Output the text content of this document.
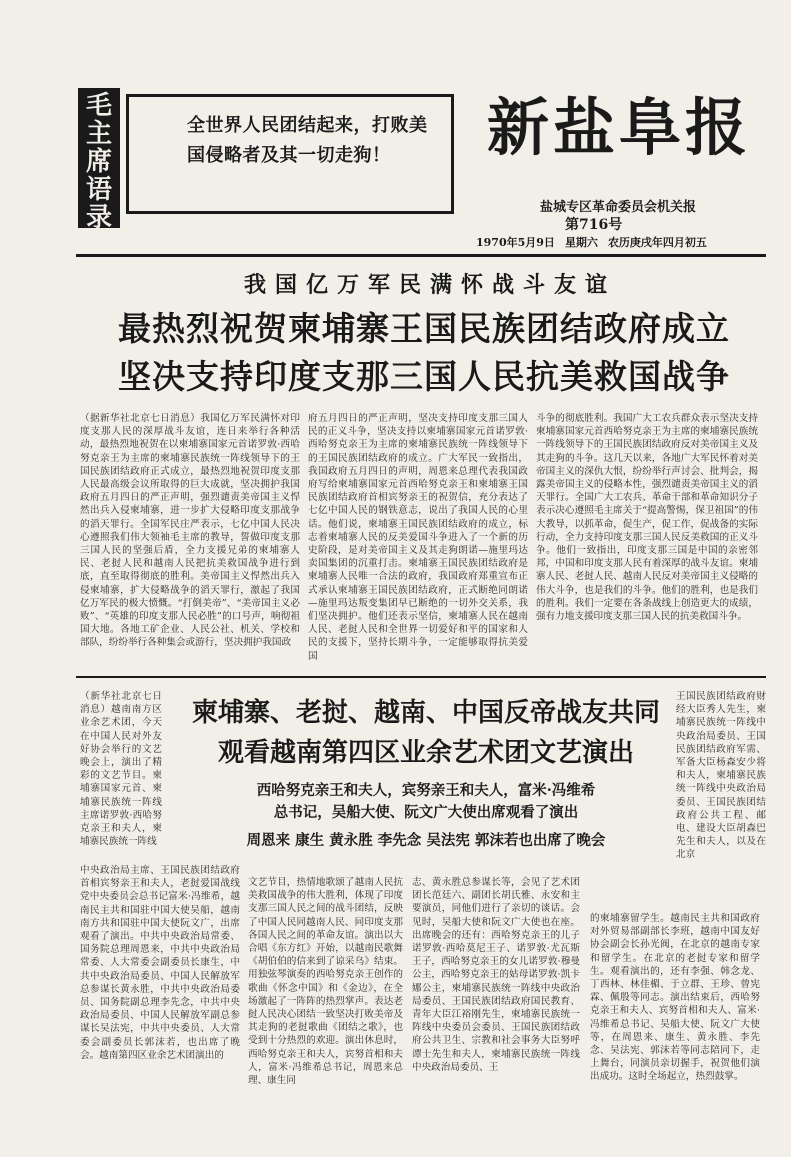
毛
主
席
语
录
全世界人民团结起来，打败美国侵略者及其一切走狗！	新盐阜报
盐城专区革命委员会机关报
第716号
1970年5月9日 星期六 农历庚戌年四月初五
我国亿万军民满怀战斗友谊
最热烈祝贺柬埔寨王国民族团结政府成立
坚决支持印度支那三国人民抗美救国战争
（据新华社北京七日消息）我国亿万军民满怀对印度支那人民的深厚战斗友谊，连日来举行各种活动，最热烈地祝贺在以柬埔寨国家元首诺罗敦·西哈努克亲王为主席的柬埔寨民族统一阵线领导下的王国民族团结政府正式成立，最热烈地祝贺印度支那人民最高级会议所取得的巨大成就，坚决拥护我国政府五月四日的严正声明，强烈谴责美帝国主义悍然出兵入侵柬埔寨，进一步扩大侵略印度支那战争的滔天罪行。全国军民庄严表示，七亿中国人民决心遵照我们伟大领袖毛主席的教导，誓做印度支那三国人民的坚强后盾，全力支援兄弟的柬埔寨人民、老挝人民和越南人民把抗美救国战争进行到底，直至取得彻底的胜利。美帝国主义悍然出兵入侵柬埔寨，扩大侵略战争的滔天罪行，激起了我国亿万军民的极大愤慨。“打倒美帝”、“美帝国主义必败”、“英雄的印度支那人民必胜”的口号声，响彻祖国大地。各地工矿企业、人民公社、机关、学校和部队，纷纷举行各种集会或游行，坚决拥护我国政
府五月四日的严正声明，坚决支持印度支那三国人民的正义斗争，坚决支持以柬埔寨国家元首诺罗敦·西哈努克亲王为主席的柬埔寨民族统一阵线领导下的王国民族团结政府的成立。广大军民一致指出，我国政府五月四日的声明，周恩来总理代表我国政府写给柬埔寨国家元首西哈努克亲王和柬埔寨王国民族团结政府首相宾努亲王的祝贺信，充分表达了七亿中国人民的钢铁意志，说出了我国人民的心里话。他们说，柬埔寨王国民族团结政府的成立，标志着柬埔寨人民的反美爱国斗争进入了一个新的历史阶段，是对美帝国主义及其走狗朗诺—施里玛达卖国集团的沉重打击。柬埔寨王国民族团结政府是柬埔寨人民唯一合法的政府，我国政府郑重宣布正式承认柬埔寨王国民族团结政府，正式断绝同朗诺—施里玛达叛变集团早已断绝的一切外交关系，我们坚决拥护。他们还表示坚信，柬埔寨人民在越南人民、老挝人民和全世界一切爱好和平的国家和人民的支援下，坚持长期斗争，一定能够取得抗美爱国
斗争的彻底胜利。我国广大工农兵群众表示坚决支持柬埔寨国家元首西哈努克亲王为主席的柬埔寨民族统一阵线领导下的王国民族团结政府反对美帝国主义及其走狗的斗争。这几天以来，各地广大军民怀着对美帝国主义的深仇大恨，纷纷举行声讨会、批判会，揭露美帝国主义的侵略本性，强烈谴责美帝国主义的滔天罪行。全国广大工农兵、革命干部和革命知识分子表示决心遵照毛主席关于“提高警惕，保卫祖国”的伟大教导，以抓革命，促生产，促工作，促战备的实际行动，全力支持印度支那三国人民反美救国的正义斗争。他们一致指出，印度支那三国是中国的亲密邻邦，中国和印度支那人民有着深厚的战斗友谊。柬埔寨人民、老挝人民、越南人民反对美帝国主义侵略的伟大斗争，也是我们的斗争。他们的胜利，也是我们的胜利。我们一定要在各条战线上创造更大的成绩，强有力地支援印度支那三国人民的抗美救国斗争。
（新华社北京七日消息）越南南方区业余艺术团，今天在中国人民对外友好协会举行的文艺晚会上，演出了精彩的文艺节目。柬埔寨国家元首、柬埔寨民族统一阵线主席诺罗敦·西哈努克亲王和夫人，柬埔寨民族统一阵线
王国民族团结政府财经大臣秀人先生，柬埔寨民族统一阵线中央政治局委员、王国民族团结政府军需、军备大臣杨森安少将和夫人，柬埔寨民族统一阵线中央政治局委员、王国民族团结政府公共工程、邮电、建设大臣胡森巴先生和夫人，以及在北京
柬埔寨、老挝、越南、中国反帝战友共同
观看越南第四区业余艺术团文艺演出
西哈努克亲王和夫人，宾努亲王和夫人，富米·冯维希
总书记，吴船大使、阮文广大使出席观看了演出
周恩来 康生 黄永胜 李先念 吴法宪 郭沫若也出席了晚会
中央政治局主席、王国民族团结政府首相宾努亲王和夫人，老挝爱国战线党中央委员会总书记富米·冯维希，越南民主共和国驻中国大使吴船，越南南方共和国驻中国大使阮文广，出席观看了演出。中共中央政治局常委、国务院总理周恩来，中共中央政治局常委、人大常委会副委员长康生，中共中央政治局委员、中国人民解放军总参谋长黄永胜，中共中央政治局委员、国务院副总理李先念，中共中央政治局委员、中国人民解放军副总参谋长吴法宪，中共中央委员、人大常委会副委员长郭沫若，也出席了晚会。越南第四区业余艺术团演出的
文艺节目，热情地歌颂了越南人民抗美救国战争的伟大胜利，体现了印度支那三国人民之间的战斗团结，反映了中国人民同越南人民、同印度支那各国人民之间的革命友谊。演出以大合唱《东方红》开始，以越南民歌舞《胡伯伯的信来到了谅采乌》结束。用独弦琴演奏的西哈努克亲王创作的歌曲《怀念中国》和《金边》，在全场激起了一阵阵的热烈掌声。表达老挝人民决心团结一致坚决打败美帝及其走狗的老挝歌曲《团结之歌》，也受到十分热烈的欢迎。演出休息时，西哈努克亲王和夫人，宾努首相和夫人，富米·冯维希总书记，周恩来总理、康生同
志、黄永胜总参谋长等，会见了艺术团团长范廷六、副团长胡氏雅、永安和主要演员，同他们进行了亲切的谈话。会见时，吴船大使和阮文广大使也在座。出席晚会的还有：西哈努克亲王的儿子诺罗敦·西哈莫尼王子、诺罗敦·尤瓦斯王子，西哈努克亲王的女儿诺罗敦·穆曼公主，西哈努克亲王的姑母诺罗敦·凯卡娜公主，柬埔寨民族统一阵线中央政治局委员、王国民族团结政府国民教育、青年大臣江裕刚先生，柬埔寨民族统一阵线中央委员会委员、王国民族团结政府公共卫生、宗教和社会事务大臣努呼谭士先生和夫人，柬埔寨民族统一阵线中央政治局委员、王
的柬埔寨留学生。越南民主共和国政府对外贸易部副部长李班，越南中国友好协会副会长孙光阀，在北京的越南专家和留学生。在北京的老挝专家和留学生。观看演出的，还有李强、韩念龙、丁西林、林佳楣、于立群、王珍、曾宪霖、佩殷等同志。演出结束后，西哈努克亲王和夫人、宾努首相和夫人、富米·冯维希总书记、吴船大使、阮文广大使等，在周恩来、康生、黄永胜、李先念、吴法宪、郭沫若等同志陪同下，走上舞台，同演员亲切握手，祝贺他们演出成功。这时全场起立，热烈鼓掌。
